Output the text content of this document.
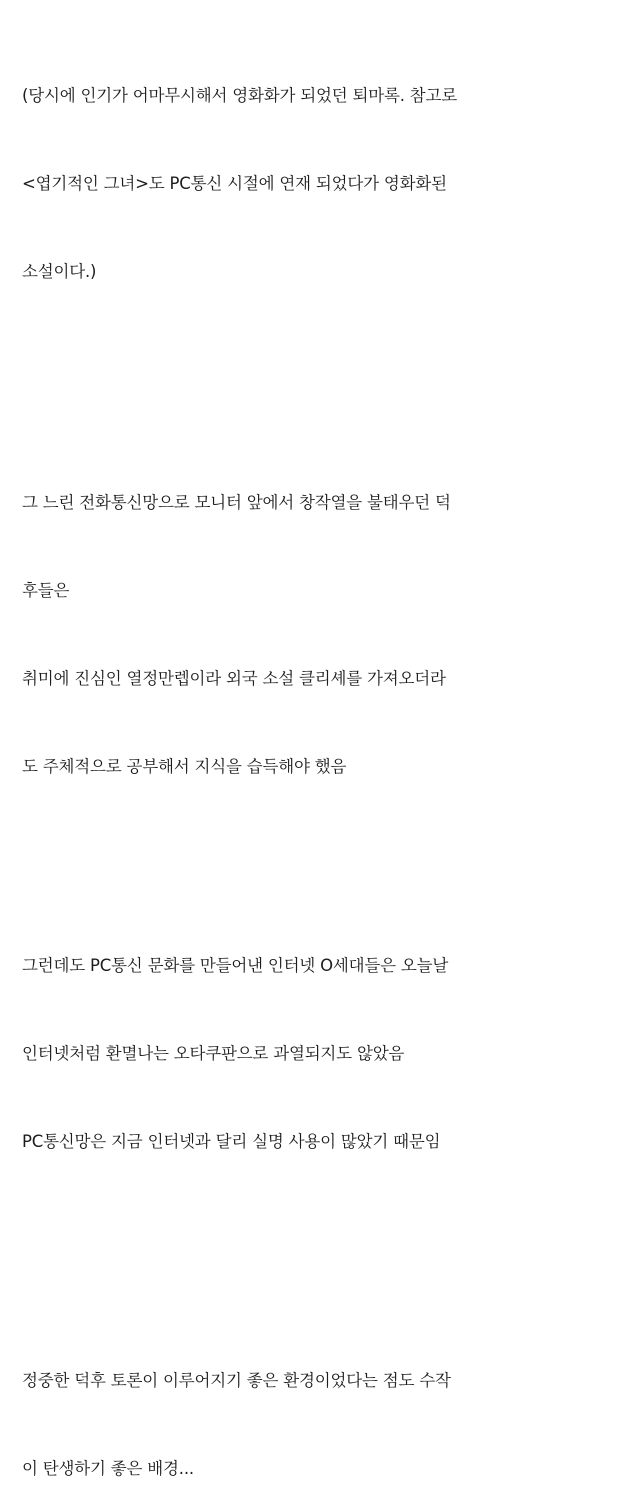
(당시에 인기가 어마무시해서 영화화가 되었던 퇴마록. 참고로

<엽기적인 그녀>도 PC통신 시절에 연재 되었다가 영화화된

소설이다.)

그 느린 전화통신망으로 모니터 앞에서 창작열을 불태우던 덕

후들은

취미에 진심인 열정만렙이라 외국 소설 클리셰를 가져오더라

도 주체적으로 공부해서 지식을 습득해야 했음

그런데도 PC통신 문화를 만들어낸 인터넷 O세대들은 오늘날

인터넷처럼 환멸나는 오타쿠판으로 과열되지도 않았음

PC통신망은 지금 인터넷과 달리 실명 사용이 많았기 때문임

정중한 덕후 토론이 이루어지기 좋은 환경이었다는 점도 수작

이 탄생하기 좋은 배경...
